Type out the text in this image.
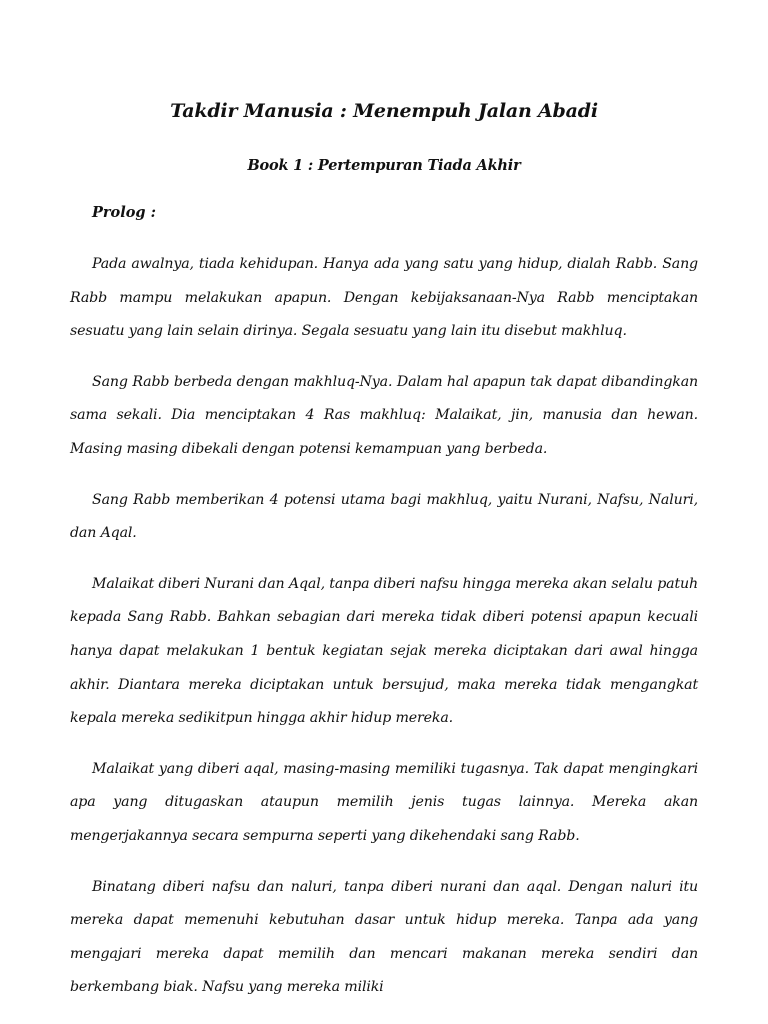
Takdir Manusia : Menempuh Jalan Abadi
Book 1 : Pertempuran Tiada Akhir
Prolog :

Pada awalnya, tiada kehidupan. Hanya ada yang satu yang hidup, dialah Rabb. Sang Rabb mampu melakukan apapun. Dengan kebijaksanaan-Nya Rabb menciptakan sesuatu yang lain selain dirinya. Segala sesuatu yang lain itu disebut makhluq.

Sang Rabb berbeda dengan makhluq-Nya. Dalam hal apapun tak dapat dibandingkan sama sekali. Dia menciptakan 4 Ras makhluq: Malaikat, jin, manusia dan hewan. Masing masing dibekali dengan potensi kemampuan yang berbeda.

Sang Rabb memberikan 4 potensi utama bagi makhluq, yaitu Nurani, Nafsu, Naluri, dan Aqal.

Malaikat diberi Nurani dan Aqal, tanpa diberi nafsu hingga mereka akan selalu patuh kepada Sang Rabb. Bahkan sebagian dari mereka tidak diberi potensi apapun kecuali hanya dapat melakukan 1 bentuk kegiatan sejak mereka diciptakan dari awal hingga akhir. Diantara mereka diciptakan untuk bersujud, maka mereka tidak mengangkat kepala mereka sedikitpun hingga akhir hidup mereka.

Malaikat yang diberi aqal, masing-masing memiliki tugasnya. Tak dapat mengingkari apa yang ditugaskan ataupun memilih jenis tugas lainnya. Mereka akan mengerjakannya secara sempurna seperti yang dikehendaki sang Rabb.

Binatang diberi nafsu dan naluri, tanpa diberi nurani dan aqal. Dengan naluri itu mereka dapat memenuhi kebutuhan dasar untuk hidup mereka. Tanpa ada yang mengajari mereka dapat memilih dan mencari makanan mereka sendiri dan berkembang biak. Nafsu yang mereka miliki
